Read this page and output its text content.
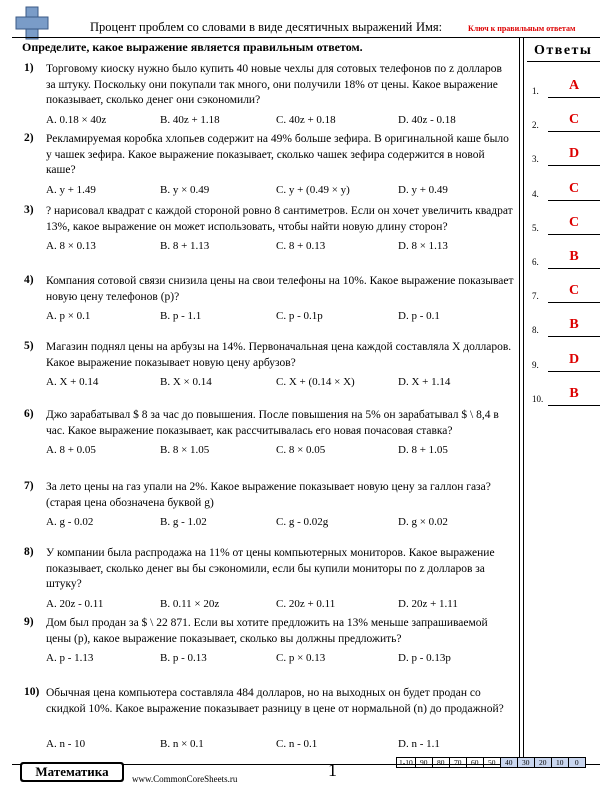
Процент проблем со словами в виде десятичных выражений Имя:	Ключ к правильным ответам
Определите, какое выражение является правильным ответом.
1) Торговому киоску нужно было купить 40 новые чехлы для сотовых телефонов по z долларов за штуку. Поскольку они покупали так много, они получили 18% от цены. Какое выражение показывает, сколько денег они сэкономили?
A. 0.18 × 40z	B. 40z + 1.18	C. 40z + 0.18	D. 40z - 0.18
2) Рекламируемая коробка хлопьев содержит на 49% больше зефира. В оригинальной каше было у чашек зефира. Какое выражение показывает, сколько чашек зефира содержится в новой каше?
A. y + 1.49	B. y × 0.49	C. y + (0.49 × y)	D. y + 0.49
3) ? нарисовал квадрат с каждой стороной ровно 8 сантиметров. Если он хочет увеличить квадрат 13%, какое выражение он может использовать, чтобы найти новую длину сторон?
A. 8 × 0.13	B. 8 + 1.13	C. 8 + 0.13	D. 8 × 1.13
4) Компания сотовой связи снизила цены на свои телефоны на 10%. Какое выражение показывает новую цену телефонов (p)?
A. p × 0.1	B. p - 1.1	C. p - 0.1p	D. p - 0.1
5) Магазин поднял цены на арбузы на 14%. Первоначальная цена каждой составляла X долларов. Какое выражение показывает новую цену арбузов?
A. X + 0.14	B. X × 0.14	C. X + (0.14 × X)	D. X + 1.14
6) Джо зарабатывал $ 8 за час до повышения. После повышения на 5% он зарабатывал $ \ 8,4 в час. Какое выражение показывает, как рассчитывалась его новая почасовая ставка?
A. 8 + 0.05	B. 8 × 1.05	C. 8 × 0.05	D. 8 + 1.05
7) За лето цены на газ упали на 2%. Какое выражение показывает новую цену за галлон газа? (старая цена обозначена буквой g)
A. g - 0.02	B. g - 1.02	C. g - 0.02g	D. g × 0.02
8) У компании была распродажа на 11% от цены компьютерных мониторов. Какое выражение показывает, сколько денег вы бы сэкономили, если бы купили мониторы по z долларов за штуку?
A. 20z - 0.11	B. 0.11 × 20z	C. 20z + 0.11	D. 20z + 1.11
9) Дом был продан за $ \ 22 871. Если вы хотите предложить на 13% меньше запрашиваемой цены (p), какое выражение показывает, сколько вы должны предложить?
A. p - 1.13	B. p - 0.13	C. p × 0.13	D. p - 0.13p
10) Обычная цена компьютера составляла 484 долларов, но на выходных он будет продан со скидкой 10%. Какое выражение показывает разницу в цене от нормальной (n) до продажной?
A. n - 10	B. n × 0.1	C. n - 0.1	D. n - 1.1
Ответы
1.	A
2.	C
3.	D
4.	C
5.	C
6.	B
7.	C
8.	B
9.	D
10.	B
Математика	www.CommonCoreSheets.ru	1	1-10	90	80	70	60	50	40	30	20	10	0
